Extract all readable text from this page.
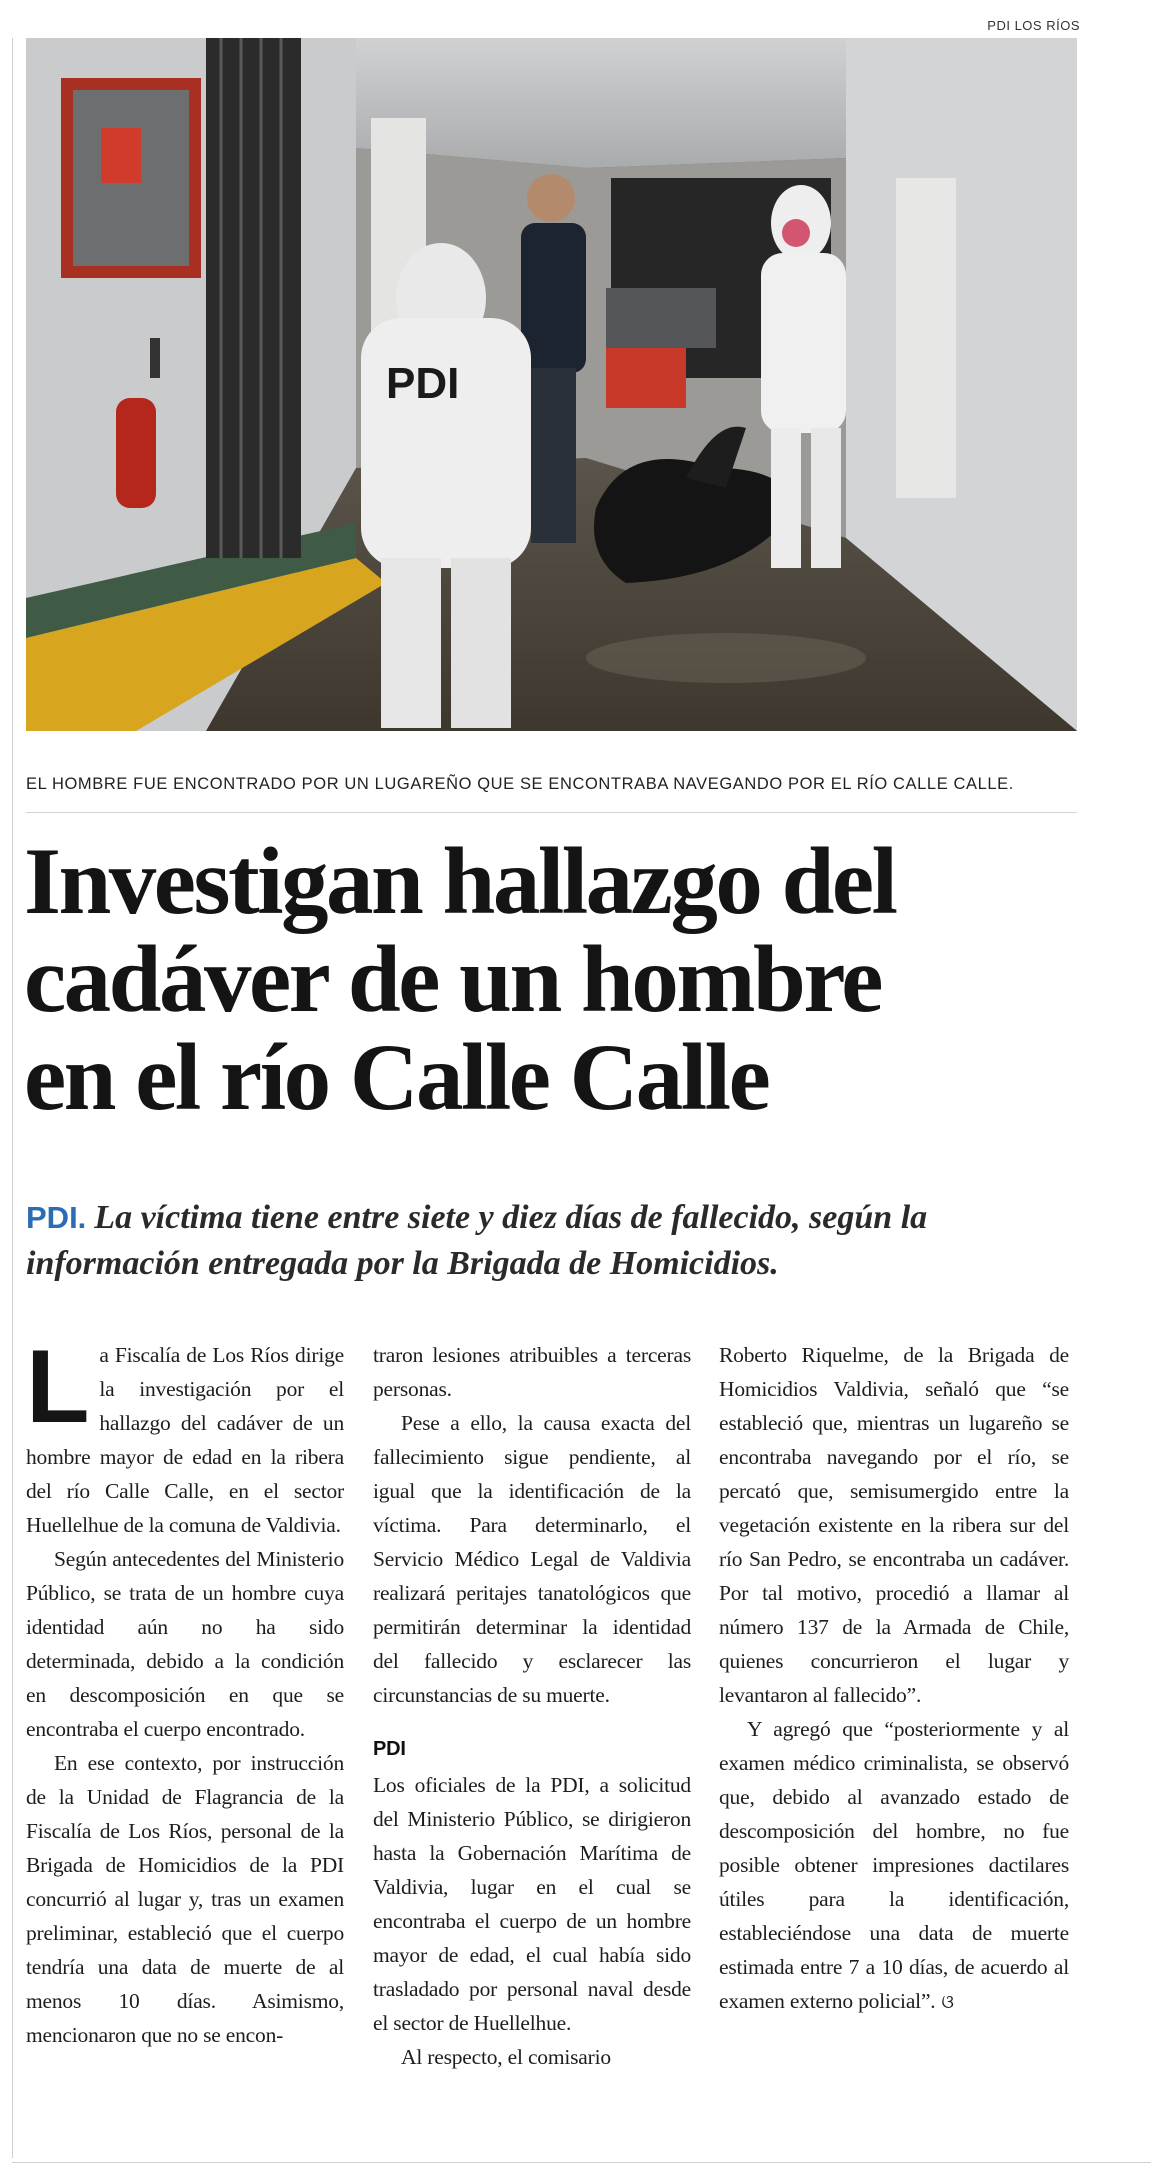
PDI LOS RÍOS
PDI
EL HOMBRE FUE ENCONTRADO POR UN LUGAREÑO QUE SE ENCONTRABA NAVEGANDO POR EL RÍO CALLE CALLE.
Investigan hallazgo del
cadáver de un hombre
en el río Calle Calle
PDI. La víctima tiene entre siete y diez días de fallecido, según la información entregada por la Brigada de Homicidios.

La Fiscalía de Los Ríos dirige la investigación por el hallazgo del cadáver de un hombre mayor de edad en la ribera del río Calle Calle, en el sector Huellelhue de la comuna de Valdivia.

Según antecedentes del Ministerio Público, se trata de un hombre cuya identidad aún no ha sido determinada, debido a la condición en descomposición en que se encontraba el cuerpo encontrado.

En ese contexto, por instrucción de la Unidad de Flagrancia de la Fiscalía de Los Ríos, personal de la Brigada de Homicidios de la PDI concurrió al lugar y, tras un examen preliminar, estableció que el cuerpo tendría una data de muerte de al menos 10 días. Asimismo, mencionaron que no se encon-

traron lesiones atribuibles a terceras personas.

Pese a ello, la causa exacta del fallecimiento sigue pendiente, al igual que la identificación de la víctima. Para determinarlo, el Servicio Médico Legal de Valdivia realizará peritajes tanatológicos que permitirán determinar la identidad del fallecido y esclarecer las circunstancias de su muerte.

PDI

Los oficiales de la PDI, a solicitud del Ministerio Público, se dirigieron hasta la Gobernación Marítima de Valdivia, lugar en el cual se encontraba el cuerpo de un hombre mayor de edad, el cual había sido trasladado por personal naval desde el sector de Huellelhue.

Al respecto, el comisario

Roberto Riquelme, de la Brigada de Homicidios Valdivia, señaló que “se estableció que, mientras un lugareño se encontraba navegando por el río, se percató que, semisumergido entre la vegetación existente en la ribera sur del río San Pedro, se encontraba un cadáver. Por tal motivo, procedió a llamar al número 137 de la Armada de Chile, quienes concurrieron el lugar y levantaron al fallecido”.

Y agregó que “posteriormente y al examen médico criminalista, se observó que, debido al avanzado estado de descomposición del hombre, no fue posible obtener impresiones dactilares útiles para la identificación, estableciéndose una data de muerte estimada entre 7 a 10 días, de acuerdo al examen externo policial”. ଓ
